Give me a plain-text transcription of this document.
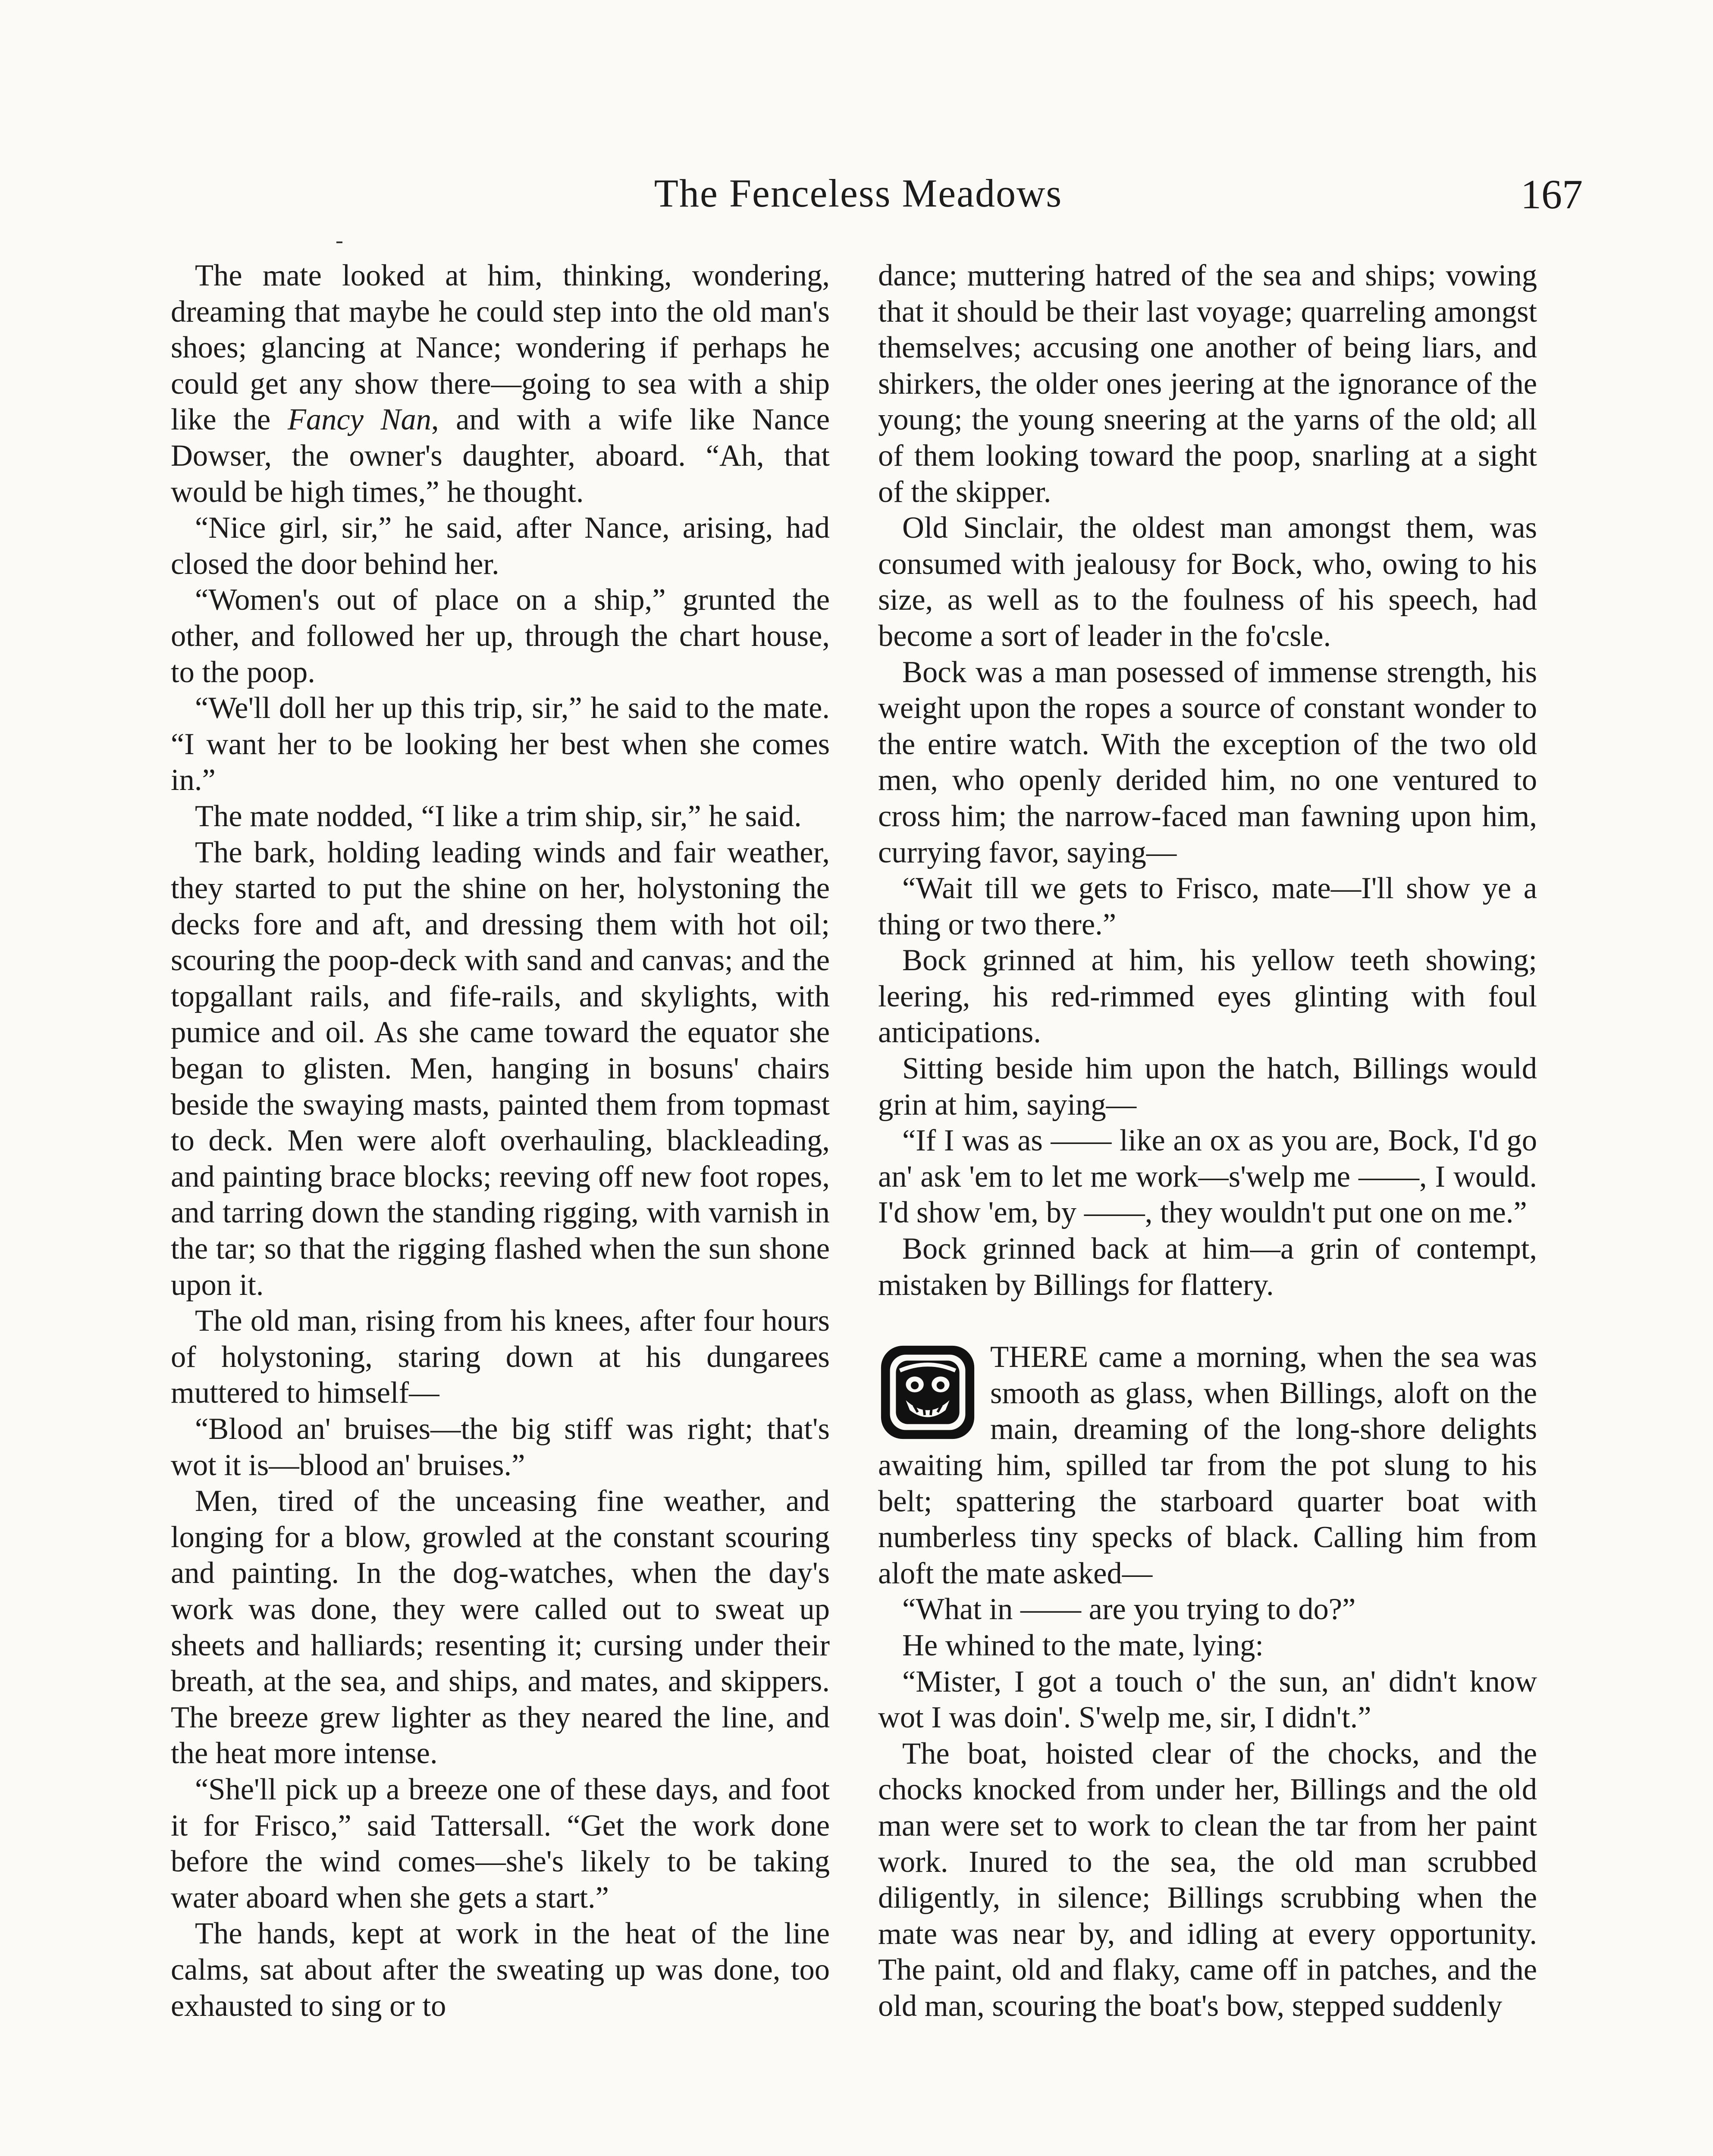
The Fenceless Meadows	167

The mate looked at him, thinking, wondering, dreaming that maybe he could step into the old man's shoes; glancing at Nance; wondering if perhaps he could get any show there—going to sea with a ship like the Fancy Nan, and with a wife like Nance Dowser, the owner's daughter, aboard. “Ah, that would be high times,” he thought.

“Nice girl, sir,” he said, after Nance, arising, had closed the door behind her.

“Women's out of place on a ship,” grunted the other, and followed her up, through the chart house, to the poop.

“We'll doll her up this trip, sir,” he said to the mate. “I want her to be looking her best when she comes in.”

The mate nodded, “I like a trim ship, sir,” he said.

The bark, holding leading winds and fair weather, they started to put the shine on her, holystoning the decks fore and aft, and dressing them with hot oil; scouring the poop-deck with sand and canvas; and the topgallant rails, and fife-rails, and skylights, with pumice and oil. As she came toward the equator she began to glisten. Men, hanging in bosuns' chairs beside the swaying masts, painted them from topmast to deck. Men were aloft overhauling, blackleading, and painting brace blocks; reeving off new foot ropes, and tarring down the standing rigging, with varnish in the tar; so that the rigging flashed when the sun shone upon it.

The old man, rising from his knees, after four hours of holystoning, staring down at his dungarees muttered to himself—

“Blood an' bruises—the big stiff was right; that's wot it is—blood an' bruises.”

Men, tired of the unceasing fine weather, and longing for a blow, growled at the constant scouring and painting. In the dog-watches, when the day's work was done, they were called out to sweat up sheets and halliards; resenting it; cursing under their breath, at the sea, and ships, and mates, and skippers. The breeze grew lighter as they neared the line, and the heat more intense.

“She'll pick up a breeze one of these days, and foot it for Frisco,” said Tattersall. “Get the work done before the wind comes—she's likely to be taking water aboard when she gets a start.”

The hands, kept at work in the heat of the line calms, sat about after the sweating up was done, too exhausted to sing or to

dance; muttering hatred of the sea and ships; vowing that it should be their last voyage; quarreling amongst themselves; accusing one another of being liars, and shirkers, the older ones jeering at the ignorance of the young; the young sneering at the yarns of the old; all of them looking toward the poop, snarling at a sight of the skipper.

Old Sinclair, the oldest man amongst them, was consumed with jealousy for Bock, who, owing to his size, as well as to the foulness of his speech, had become a sort of leader in the fo'csle.

Bock was a man posessed of immense strength, his weight upon the ropes a source of constant wonder to the entire watch. With the exception of the two old men, who openly derided him, no one ventured to cross him; the narrow-faced man fawning upon him, currying favor, saying—

“Wait till we gets to Frisco, mate—I'll show ye a thing or two there.”

Bock grinned at him, his yellow teeth showing; leering, his red-rimmed eyes glinting with foul anticipations.

Sitting beside him upon the hatch, Billings would grin at him, saying—

“If I was as —— like an ox as you are, Bock, I'd go an' ask 'em to let me work—s'welp me ——, I would. I'd show 'em, by ——, they wouldn't put one on me.”

Bock grinned back at him—a grin of contempt, mistaken by Billings for flattery.

THERE came a morning, when the sea was smooth as glass, when Billings, aloft on the main, dreaming of the long-shore delights awaiting him, spilled tar from the pot slung to his belt; spattering the starboard quarter boat with numberless tiny specks of black. Calling him from aloft the mate asked—

“What in —— are you trying to do?”

He whined to the mate, lying:

“Mister, I got a touch o' the sun, an' didn't know wot I was doin'. S'welp me, sir, I didn't.”

The boat, hoisted clear of the chocks, and the chocks knocked from under her, Billings and the old man were set to work to clean the tar from her paint work. Inured to the sea, the old man scrubbed diligently, in silence; Billings scrubbing when the mate was near by, and idling at every opportunity. The paint, old and flaky, came off in patches, and the old man, scouring the boat's bow, stepped suddenly
